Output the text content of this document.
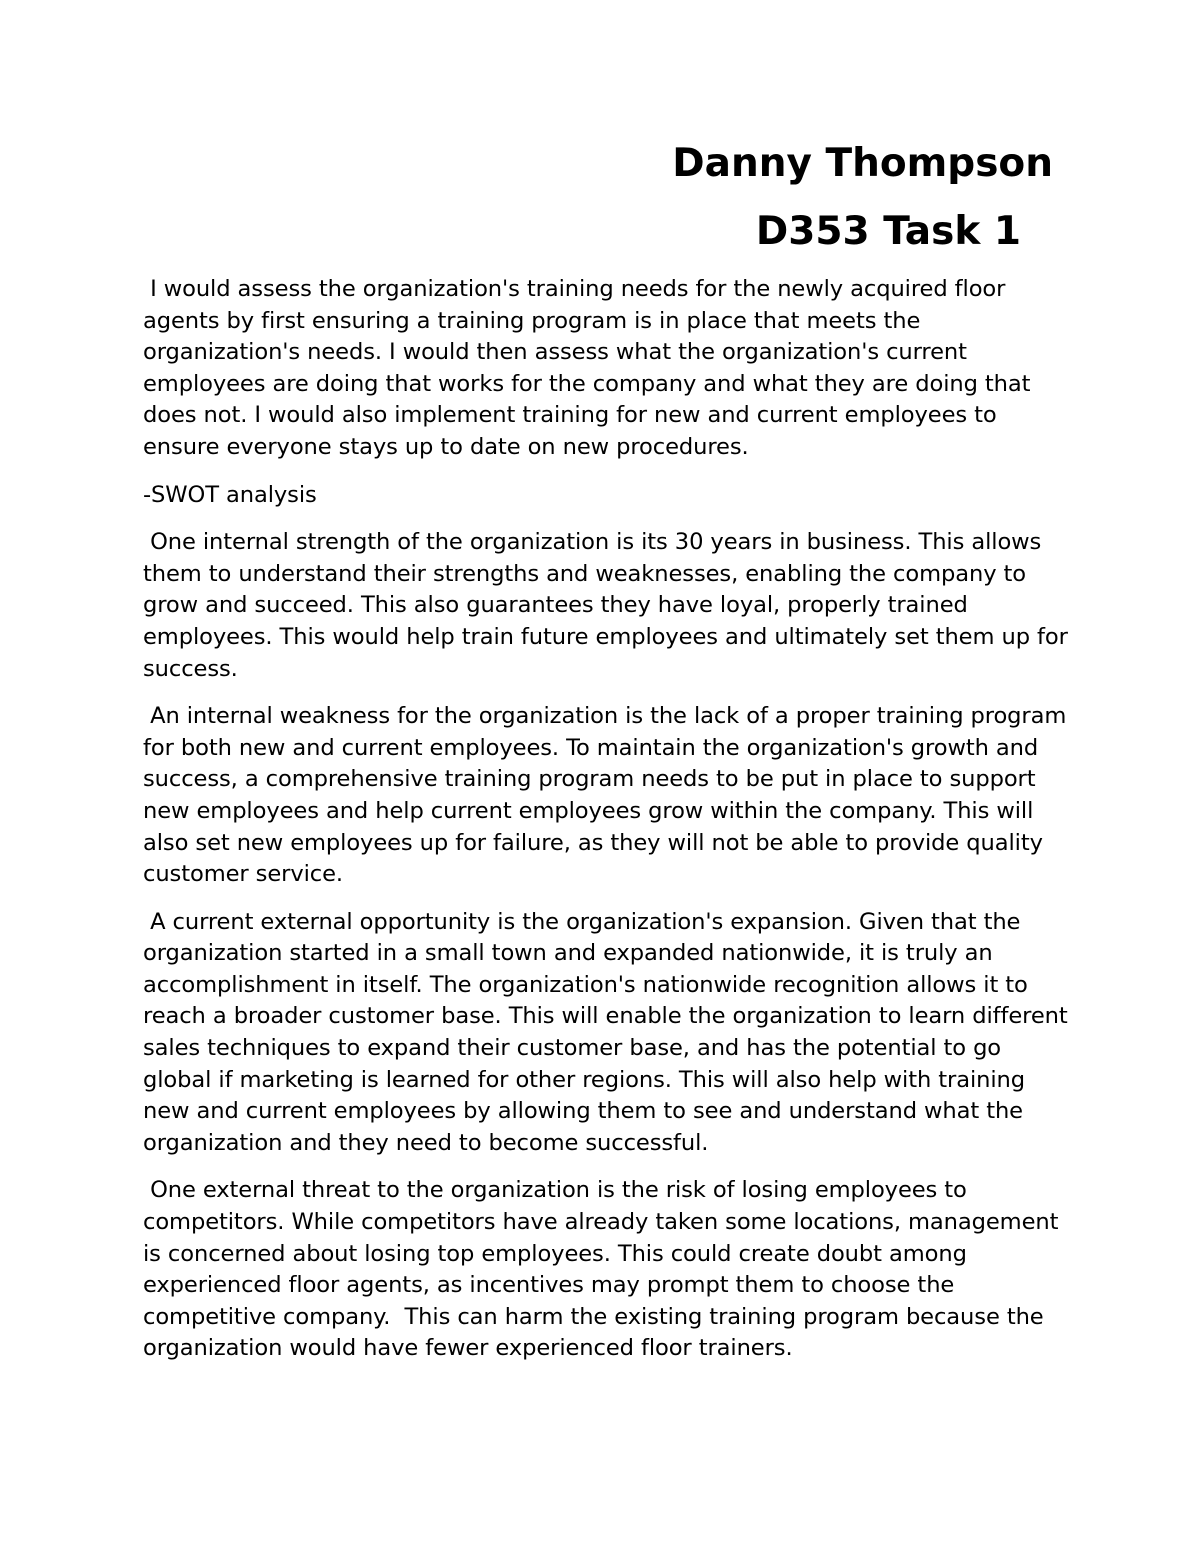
Danny Thompson

D353 Task 1

I would assess the organization's training needs for the newly acquired floor agents by first ensuring a training program is in place that meets the organization's needs. I would then assess what the organization's current employees are doing that works for the company and what they are doing that does not. I would also implement training for new and current employees to ensure everyone stays up to date on new procedures.

-SWOT analysis

One internal strength of the organization is its 30 years in business. This allows them to understand their strengths and weaknesses, enabling the company to grow and succeed. This also guarantees they have loyal, properly trained employees. This would help train future employees and ultimately set them up for success.

An internal weakness for the organization is the lack of a proper training program for both new and current employees. To maintain the organization's growth and success, a comprehensive training program needs to be put in place to support new employees and help current employees grow within the company. This will also set new employees up for failure, as they will not be able to provide quality customer service.

A current external opportunity is the organization's expansion. Given that the organization started in a small town and expanded nationwide, it is truly an accomplishment in itself. The organization's nationwide recognition allows it to reach a broader customer base. This will enable the organization to learn different sales techniques to expand their customer base, and has the potential to go global if marketing is learned for other regions. This will also help with training new and current employees by allowing them to see and understand what the organization and they need to become successful.

One external threat to the organization is the risk of losing employees to competitors. While competitors have already taken some locations, management is concerned about losing top employees. This could create doubt among experienced floor agents, as incentives may prompt them to choose the competitive company.  This can harm the existing training program because the organization would have fewer experienced floor trainers.
